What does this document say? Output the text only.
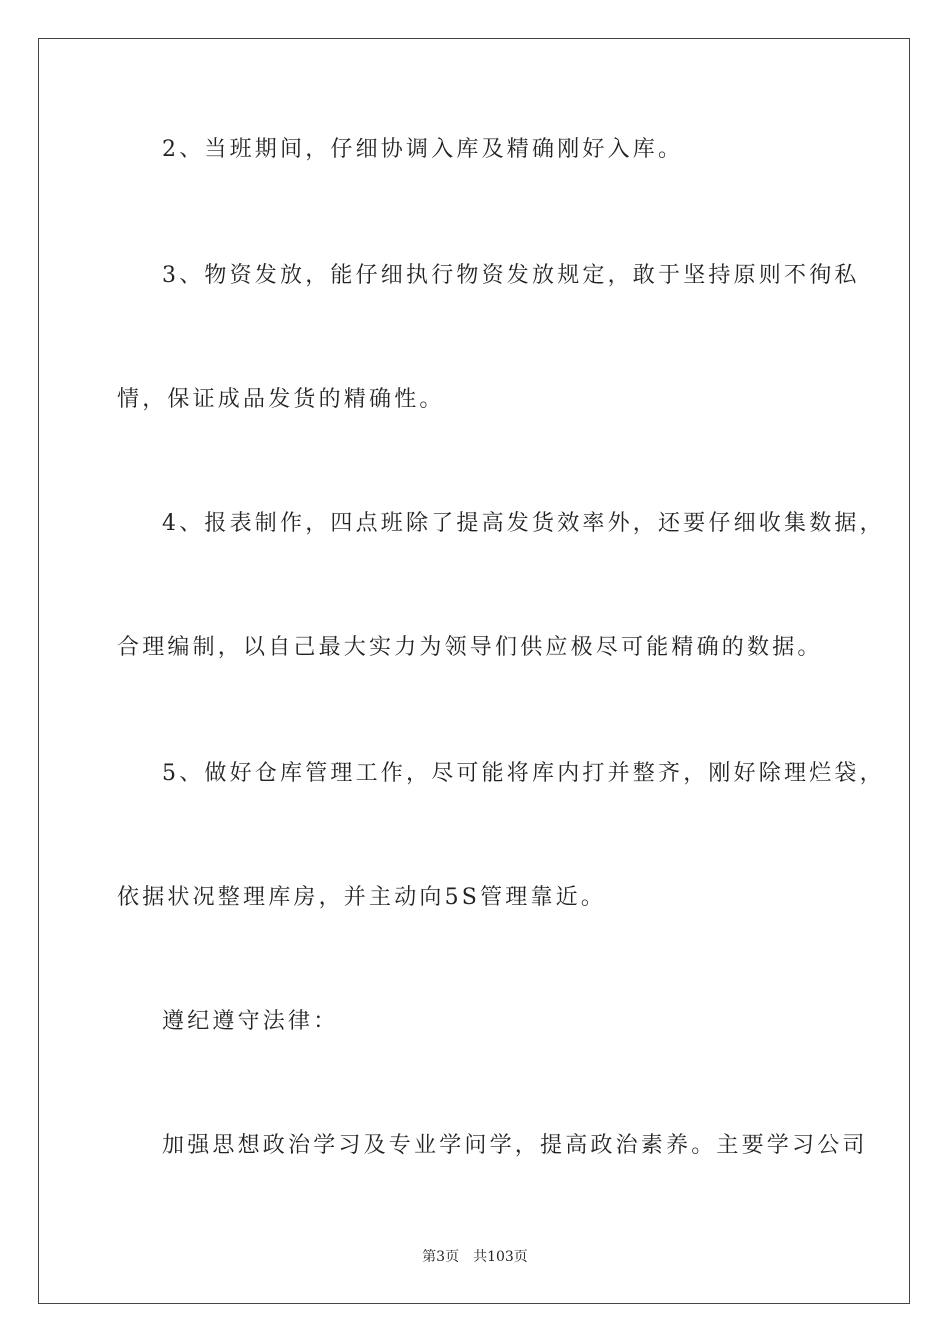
2、当班期间，仔细协调入库及精确刚好入库。
3、物资发放，能仔细执行物资发放规定，敢于坚持原则不徇私
情，保证成品发货的精确性。
4、报表制作，四点班除了提高发货效率外，还要仔细收集数据，
合理编制，以自己最大实力为领导们供应极尽可能精确的数据。
5、做好仓库管理工作，尽可能将库内打并整齐，刚好除理烂袋，
依据状况整理库房，并主动向5S管理靠近。
遵纪遵守法律：
加强思想政治学习及专业学问学，提高政治素养。主要学习公司
第3页　共103页
